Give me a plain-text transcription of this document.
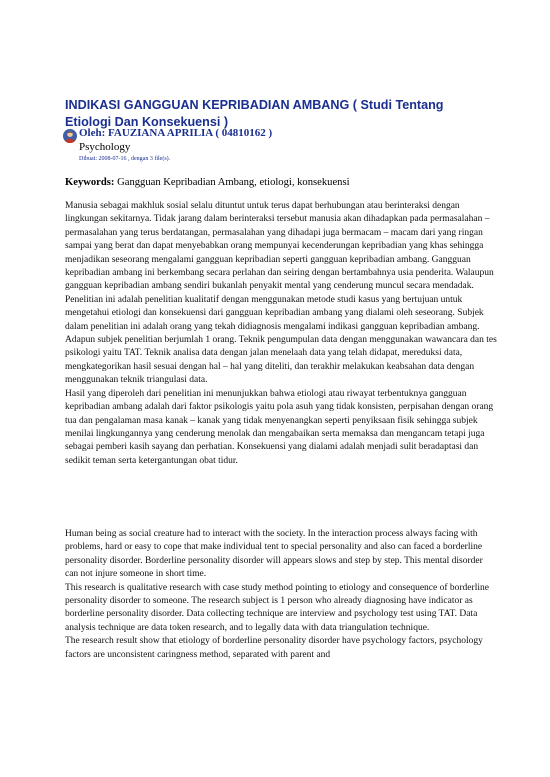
INDIKASI GANGGUAN KEPRIBADIAN AMBANG ( Studi Tentang Etiologi Dan Konsekuensi )
Oleh: FAUZIANA APRILIA ( 04810162 )
Psychology
Dibuat: 2008-07-16 , dengan 3 file(s).

Keywords: Gangguan Kepribadian Ambang, etiologi, konsekuensi

Manusia sebagai makhluk sosial selalu dituntut untuk terus dapat berhubungan atau berinteraksi dengan lingkungan sekitarnya. Tidak jarang dalam berinteraksi tersebut manusia akan dihadapkan pada permasalahan – permasalahan yang terus berdatangan, permasalahan yang dihadapi juga bermacam – macam dari yang ringan sampai yang berat dan dapat menyebabkan orang mempunyai kecenderungan kepribadian yang khas sehingga menjadikan seseorang mengalami gangguan kepribadian seperti gangguan kepribadian ambang. Gangguan kepribadian ambang ini berkembang secara perlahan dan seiring dengan bertambahnya usia penderita. Walaupun gangguan kepribadian ambang sendiri bukanlah penyakit mental yang cenderung muncul secara mendadak.
Penelitian ini adalah penelitian kualitatif dengan menggunakan metode studi kasus yang bertujuan untuk mengetahui etiologi dan konsekuensi dari gangguan kepribadian ambang yang dialami oleh seseorang. Subjek dalam penelitian ini adalah orang yang tekah didiagnosis mengalami indikasi gangguan kepribadian ambang. Adapun subjek penelitian berjumlah 1 orang. Teknik pengumpulan data dengan menggunakan wawancara dan tes psikologi yaitu TAT. Teknik analisa data dengan jalan menelaah data yang telah didapat, mereduksi data, mengkategorikan hasil sesuai dengan hal – hal yang diteliti, dan terakhir melakukan keabsahan data dengan menggunakan teknik triangulasi data.
Hasil yang diperoleh dari penelitian ini menunjukkan bahwa etiologi atau riwayat terbentuknya gangguan kepribadian ambang adalah dari faktor psikologis yaitu pola asuh yang tidak konsisten, perpisahan dengan orang tua dan pengalaman masa kanak – kanak yang tidak menyenangkan seperti penyiksaan fisik sehingga subjek menilai lingkungannya yang cenderung menolak dan mengabaikan serta memaksa dan mengancam tetapi juga sebagai pemberi kasih sayang dan perhatian. Konsekuensi yang dialami adalah menjadi sulit beradaptasi dan sedikit teman serta ketergantungan obat tidur.
Human being as social creature had to interact with the society. In the interaction process always facing with problems, hard or easy to cope that make individual tent to special personality and also can faced a borderline personality disorder. Borderline personality disorder will appears slows and step by step. This mental disorder can not injure someone in short time.
This research is qualitative research with case study method pointing to etiology and consequence of borderline personality disorder to someone. The research subject is 1 person who already diagnosing have indicator as borderline personality disorder. Data collecting technique are interview and psychology test using TAT. Data analysis technique are data token research, and to legally data with data triangulation technique.
The research result show that etiology of borderline personality disorder have psychology factors, psychology factors are unconsistent caringness method, separated with parent and
